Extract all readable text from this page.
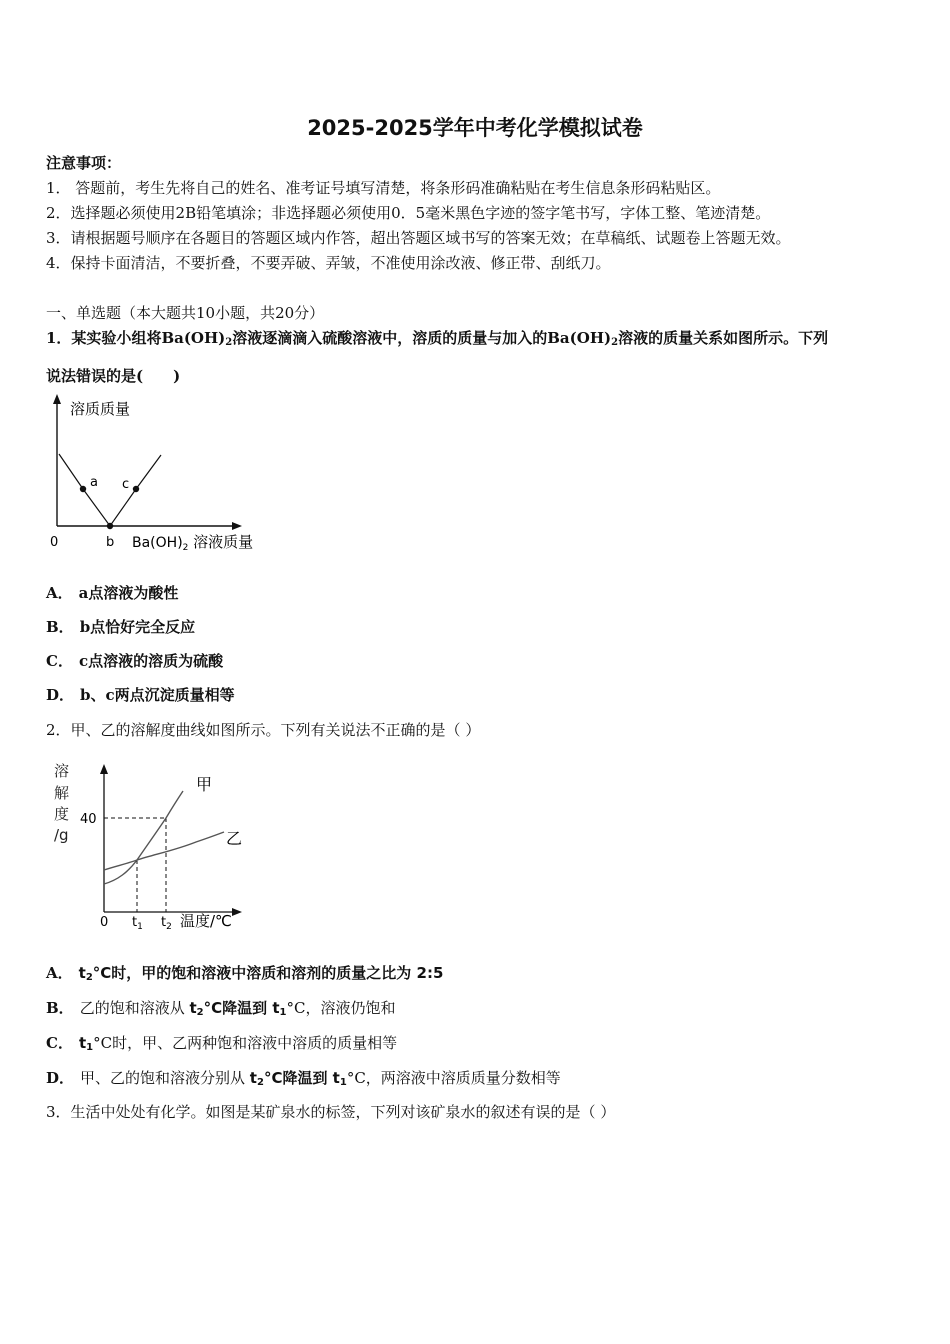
2025-2025学年中考化学模拟试卷
注意事项：
1． 答题前，考生先将自己的姓名、准考证号填写清楚，将条形码准确粘贴在考生信息条形码粘贴区。
2．选择题必须使用2B铅笔填涂；非选择题必须使用0．5毫米黑色字迹的签字笔书写，字体工整、笔迹清楚。
3．请根据题号顺序在各题目的答题区域内作答，超出答题区域书写的答案无效；在草稿纸、试题卷上答题无效。
4．保持卡面清洁，不要折叠，不要弄破、弄皱，不准使用涂改液、修正带、刮纸刀。
一、单选题（本大题共10小题，共20分）
1．某实验小组将$Ba(OH)_2$溶液逐滴滴入硫酸溶液中，溶质的质量与加入的$Ba(OH)_2$溶液的质量关系如图所示。下列
说法错误的是(　　)
溶质质量
a c
0	b $Ba(OH)_2$ 溶液质量
A． a点溶液为酸性
B． b点恰好完全反应
C． c点溶液的溶质为硫酸
D． b、c两点沉淀质量相等
2．甲、乙的溶解度曲线如图所示。下列有关说法不正确的是（ ）
溶
解
度
/g
40
甲
乙
0 $t_1$ $t_2$ 温度/℃
A． $t_2^\circ C$时，甲的饱和溶液中溶质和溶剂的质量之比为 2:5
B． 乙的饱和溶液从 $t_2^\circ C$降温到 $t_1^\circ C$，溶液仍饱和
C． $t_1^\circ C$时，甲、乙两种饱和溶液中溶质的质量相等
D． 甲、乙的饱和溶液分别从 $t_2^\circ C$降温到 $t_1^\circ C$，两溶液中溶质质量分数相等
3．生活中处处有化学。如图是某矿泉水的标签，下列对该矿泉水的叙述有误的是（ ）
